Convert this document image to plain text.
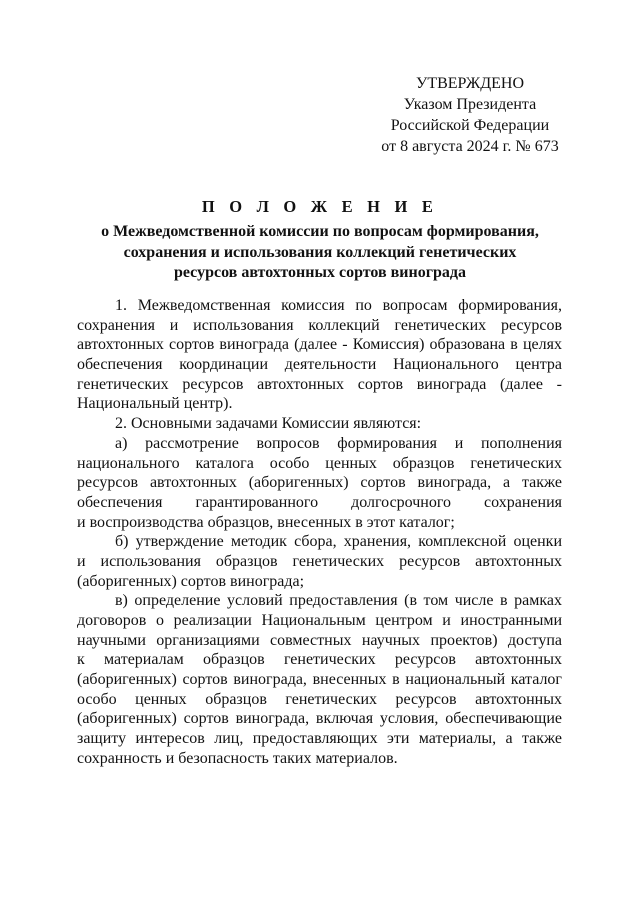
УТВЕРЖДЕНО
Указом Президента
Российской Федерации
от 8 августа 2024 г. № 673
П О Л О Ж Е Н И Е
о Межведомственной комиссии по вопросам формирования,
сохранения и использования коллекций генетических
ресурсов автохтонных сортов винограда
1. Межведомственная комиссия по вопросам формирования,
сохранения и использования коллекций генетических ресурсов
автохтонных сортов винограда (далее - Комиссия) образована в целях
обеспечения координации деятельности Национального центра
генетических ресурсов автохтонных сортов винограда (далее -
Национальный центр).
2. Основными задачами Комиссии являются:
а) рассмотрение вопросов формирования и пополнения
национального каталога особо ценных образцов генетических
ресурсов автохтонных (аборигенных) сортов винограда, а также
обеспечения гарантированного долгосрочного сохранения
и воспроизводства образцов, внесенных в этот каталог;
б) утверждение методик сбора, хранения, комплексной оценки
и использования образцов генетических ресурсов автохтонных
(аборигенных) сортов винограда;
в) определение условий предоставления (в том числе в рамках
договоров о реализации Национальным центром и иностранными
научными организациями совместных научных проектов) доступа
к материалам образцов генетических ресурсов автохтонных
(аборигенных) сортов винограда, внесенных в национальный каталог
особо ценных образцов генетических ресурсов автохтонных
(аборигенных) сортов винограда, включая условия, обеспечивающие
защиту интересов лиц, предоставляющих эти материалы, а также
сохранность и безопасность таких материалов.
